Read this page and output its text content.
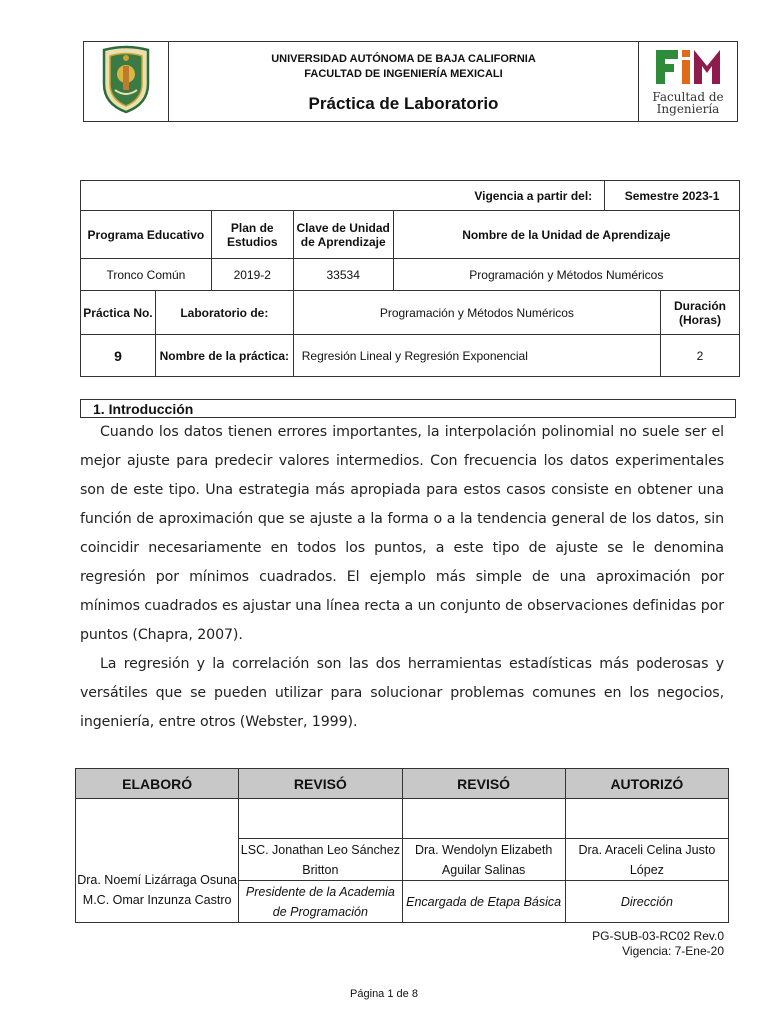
UNIVERSIDAD AUTÓNOMA DE BAJA CALIFORNIA
FACULTAD DE INGENIERÍA MEXICALI
Práctica de Laboratorio	Facultad de
Ingeniería
Vigencia a partir del:					Semestre 2023-1	
Programa Educativo		Plan de Estudios	Clave de Unidad de Aprendizaje	Nombre de la Unidad de Aprendizaje		
Tronco Común		2019-2	33534	Programación y Métodos Numéricos		
Práctica No.	Laboratorio de:		Programación y Métodos Numéricos			Duración (Horas)
9	Nombre de la práctica:		Regresión Lineal y Regresión Exponencial			2
1. Introducción

Cuando los datos tienen errores importantes, la interpolación polinomial no suele ser el mejor ajuste para predecir valores intermedios. Con frecuencia los datos experimentales son de este tipo. Una estrategia más apropiada para estos casos consiste en obtener una función de aproximación que se ajuste a la forma o a la tendencia general de los datos, sin coincidir necesariamente en todos los puntos, a este tipo de ajuste se le denomina regresión por mínimos cuadrados. El ejemplo más simple de una aproximación por mínimos cuadrados es ajustar una línea recta a un conjunto de observaciones definidas por puntos (Chapra, 2007).

La regresión y la correlación son las dos herramientas estadísticas más poderosas y versátiles que se pueden utilizar para solucionar problemas comunes en los negocios, ingeniería, entre otros (Webster, 1999).

ELABORÓ	REVISÓ	REVISÓ	AUTORIZÓ

Dra. Noemí Lizárraga Osuna
M.C. Omar Inzunza Castro			

	LSC. Jonathan Leo Sánchez Britton	Dra. Wendolyn Elizabeth Aguilar Salinas	Dra. Araceli Celina Justo López
	Presidente de la Academia de Programación	Encargada de Etapa Básica	Dirección
PG-SUB-03-RC02 Rev.0
Vigencia: 7-Ene-20
Página 1 de 8
